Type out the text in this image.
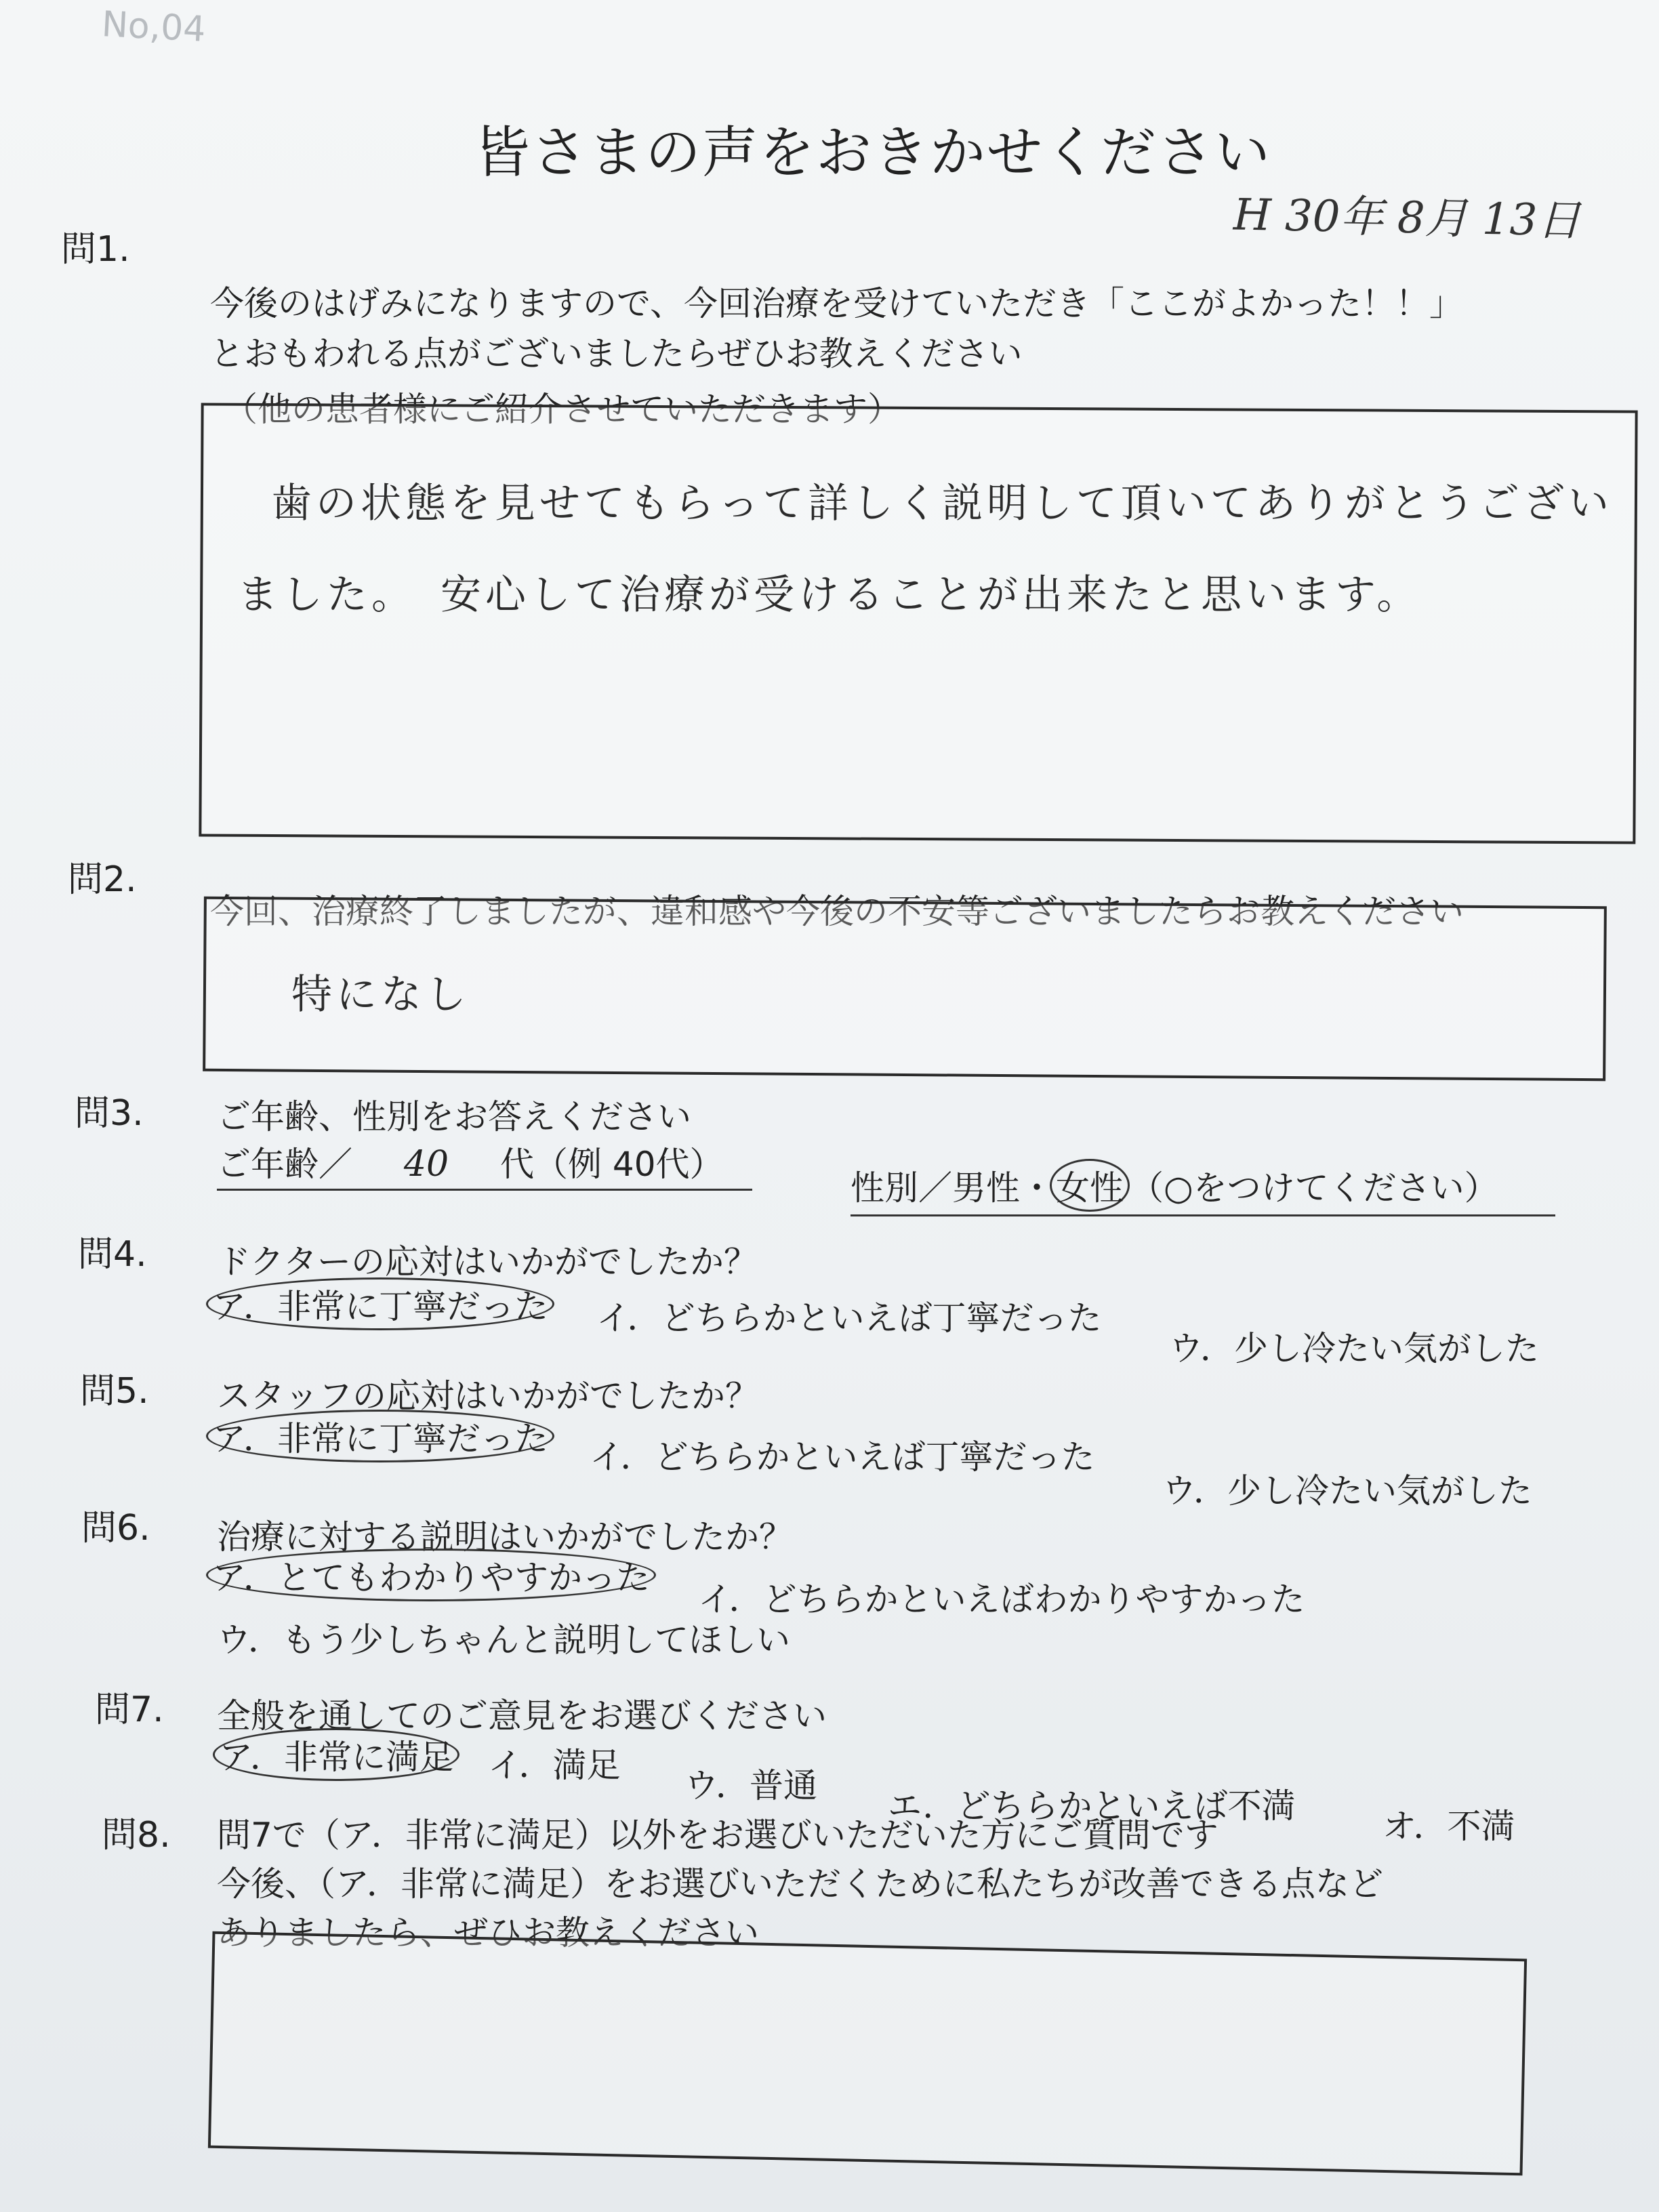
No,04
皆さまの声をおきかせください
H 30年 8月 13日
問1.
今後のはげみになりますので、今回治療を受けていただき「ここがよかった！！」
とおもわれる点がございましたらぜひお教えください
（他の患者様にご紹介させていただきます）
歯の状態を見せてもらって詳しく説明して頂いてありがとうござい
ました。　安心して治療が受けることが出来たと思います。
問2.
今回、治療終了しましたが、違和感や今後の不安等ございましたらお教えください
特になし
問3. ご年齢、性別をお答えください
ご年齢／ 40 代（例 40代）
性別／男性・女性 （○をつけてください）
問4. ドクターの応対はいかがでしたか？
ア．非常に丁寧だった イ．どちらかといえば丁寧だった
ウ．少し冷たい気がした
問5. スタッフの応対はいかがでしたか？
ア．非常に丁寧だった イ．どちらかといえば丁寧だった
ウ．少し冷たい気がした
問6. 治療に対する説明はいかがでしたか？
ア．とてもわかりやすかった
イ．どちらかといえばわかりやすかった
ウ．もう少しちゃんと説明してほしい
問7. 全般を通してのご意見をお選びください
ア．非常に満足 イ．満足
ウ．普通
エ．どちらかといえば不満
オ．不満
問8. 問7で（ア．非常に満足）以外をお選びいただいた方にご質問です
今後、（ア．非常に満足）をお選びいただくために私たちが改善できる点など
ありましたら、ぜひお教えください
